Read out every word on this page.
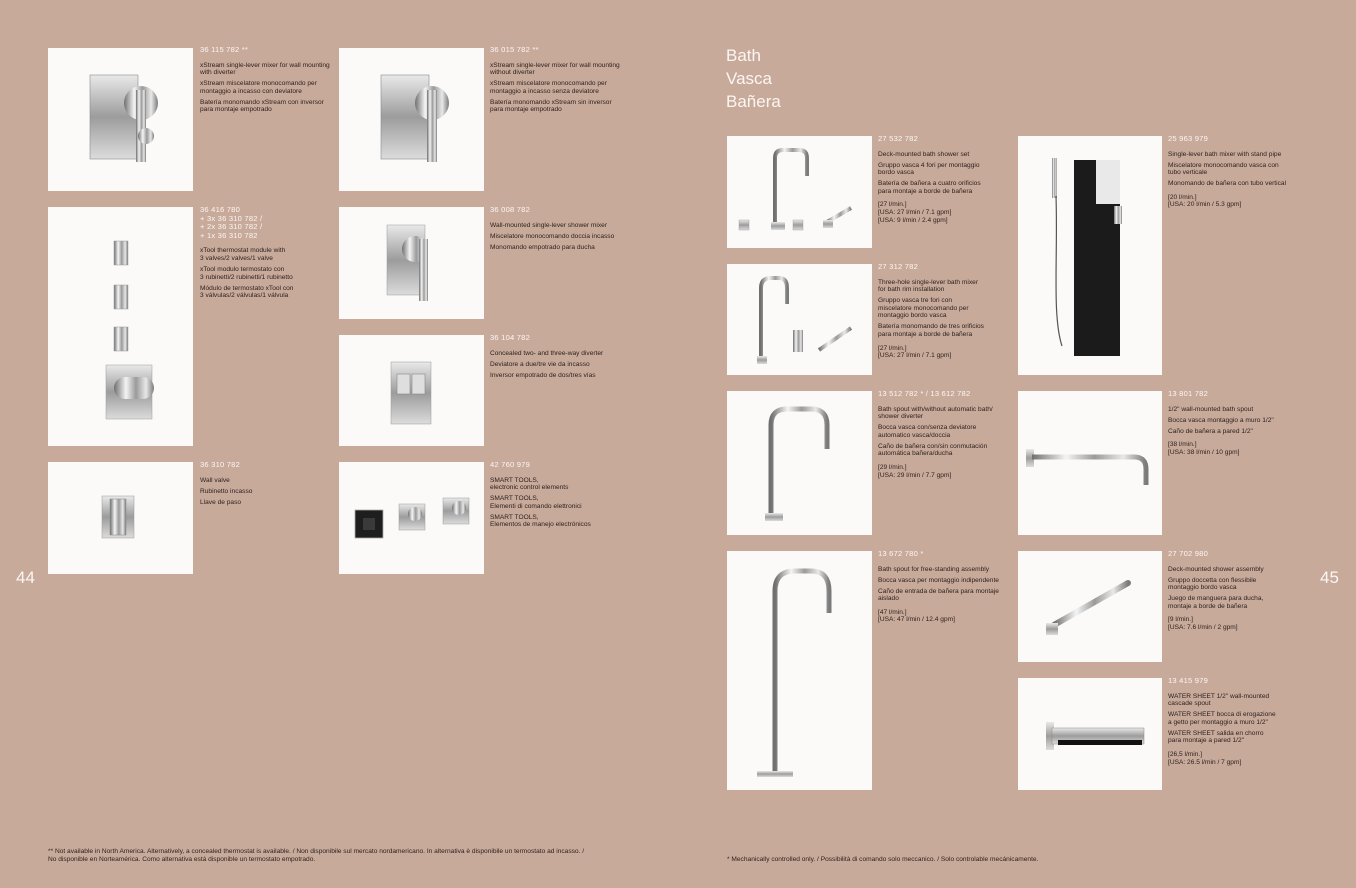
44
36 115 782 **
xStream single-lever mixer for wall mounting
with diverter
xStream miscelatore monocomando per
montaggio a incasso con deviatore
Batería monomando xStream con inversor
para montaje empotrado
36 015 782 **
xStream single-lever mixer for wall mounting
without diverter
xStream miscelatore monocomando per
montaggio a incasso senza deviatore
Batería monomando xStream sin inversor
para montaje empotrado
36 416 780
+ 3x 36 310 782 /
+ 2x 36 310 782 /
+ 1x 36 310 782
xTool thermostat module with
3 valves/2 valves/1 valve
xTool modulo termostato con
3 rubinetti/2 rubinetti/1 rubinetto
Módulo de termostato xTool con
3 válvulas/2 válvulas/1 válvula
36 008 782
Wall-mounted single-lever shower mixer
Miscelatore monocomando doccia incasso
Monomando empotrado para ducha
36 104 782
Concealed two- and three-way diverter
Deviatore a due/tre vie da incasso
Inversor empotrado de dos/tres vías
36 310 782
Wall valve
Rubinetto incasso
Llave de paso
42 760 979
SMART TOOLS,
electronic control elements
SMART TOOLS,
Elementi di comando elettronici
SMART TOOLS,
Elementos de manejo electrónicos
** Not available in North America. Alternatively, a concealed thermostat is available. / Non disponibile sul mercato nordamericano. In alternativa è disponibile un termostato ad incasso. /
No disponible en Norteamérica. Como alternativa está disponible un termostato empotrado.
Bath
Vasca
Bañera
45
27 532 782
Deck-mounted bath shower set
Gruppo vasca 4 fori per montaggio
bordo vasca
Batería de bañera a cuatro orificios
para montaje a borde de bañera
[27 l/min.]
[USA: 27 l/min / 7.1 gpm]
[USA: 9 l/min / 2.4 gpm]
25 963 979
Single-lever bath mixer with stand pipe
Miscelatore monocomando vasca con
tubo verticale
Monomando de bañera con tubo vertical
[20 l/min.]
[USA: 20 l/min / 5.3 gpm]
27 312 782
Three-hole single-lever bath mixer
for bath rim installation
Gruppo vasca tre fori con
miscelatore monocomando per
montaggio bordo vasca
Batería monomando de tres orificios
para montaje a borde de bañera
[27 l/min.]
[USA: 27 l/min / 7.1 gpm]
13 512 782 * / 13 612 782
Bath spout with/without automatic bath/
shower diverter
Bocca vasca con/senza deviatore
automatico vasca/doccia
Caño de bañera con/sin conmutación
automática bañera/ducha
[29 l/min.]
[USA: 29 l/min / 7.7 gpm]
13 801 782
1/2" wall-mounted bath spout
Bocca vasca montaggio a muro 1/2"
Caño de bañera a pared 1/2"
[38 l/min.]
[USA: 38 l/min / 10 gpm]
13 672 780 *
Bath spout for free-standing assembly
Bocca vasca per montaggio indipendente
Caño de entrada de bañera para montaje
aislado
[47 l/min.]
[USA: 47 l/min / 12.4 gpm]
27 702 980
Deck-mounted shower assembly
Gruppo doccetta con flessibile
montaggio bordo vasca
Juego de manguera para ducha,
montaje a borde de bañera
[9 l/min.]
[USA: 7.6 l/min / 2 gpm]
13 415 979
WATER SHEET 1/2" wall-mounted
cascade spout
WATER SHEET bocca di erogazione
a getto per montaggio a muro 1/2"
WATER SHEET salida en chorro
para montaje a pared 1/2"
[26,5 l/min.]
[USA: 26.5 l/min / 7 gpm]
* Mechanically controlled only. / Possibilità di comando solo meccanico. / Solo controlable mecánicamente.
